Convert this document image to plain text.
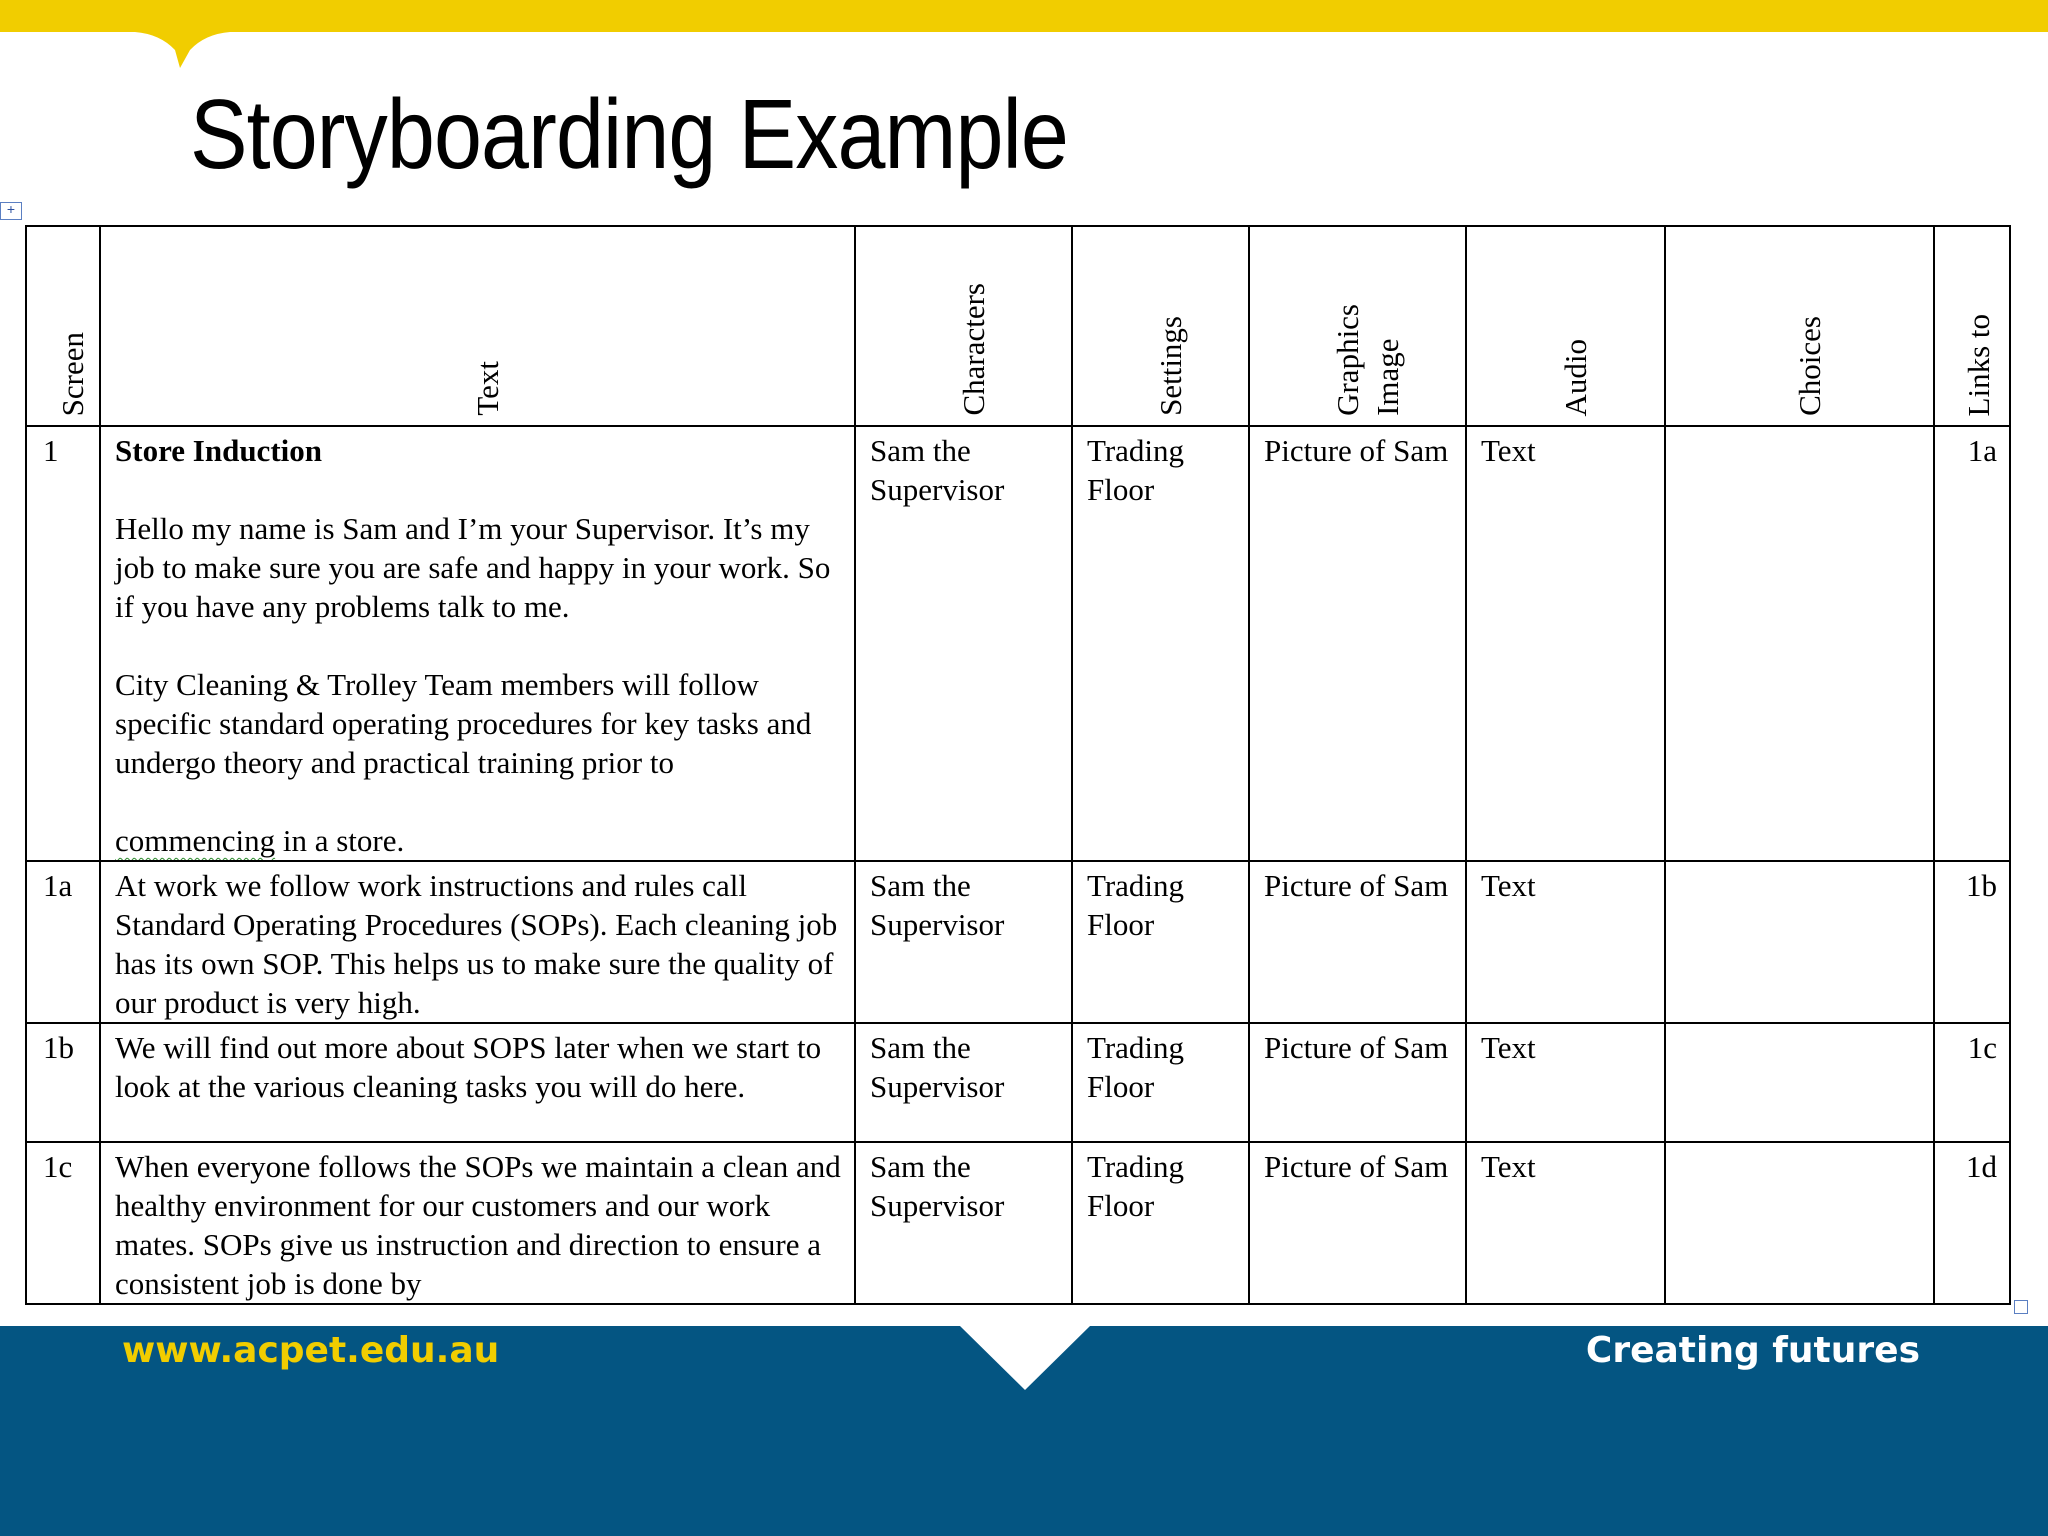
Storyboarding Example
+
Screen	Text	Characters	Settings	Graphics Image	Audio	Choices	Links to
1	Store Induction
Hello my name is Sam and I’m your Supervisor. It’s my job to make sure you are safe and happy in your work. So if you have any problems talk to me.
City Cleaning & Trolley Team members will follow specific standard operating procedures for key tasks and undergo theory and practical training prior to
commencing in a store.	Sam the Supervisor	Trading Floor	Picture of Sam	Text		1a
1a	At work we follow work instructions and rules call Standard Operating Procedures (SOPs). Each cleaning job has its own SOP. This helps us to make sure the quality of our product is very high.	Sam the Supervisor	Trading Floor	Picture of Sam	Text		1b
1b	We will find out more about SOPS later when we start to look at the various cleaning tasks you will do here.	Sam the Supervisor	Trading Floor	Picture of Sam	Text		1c
1c	When everyone follows the SOPs we maintain a clean and healthy environment for our customers and our work mates. SOPs give us instruction and direction to ensure a consistent job is done by	Sam the Supervisor	Trading Floor	Picture of Sam	Text		1d
www.acpet.edu.au	Creating futures
